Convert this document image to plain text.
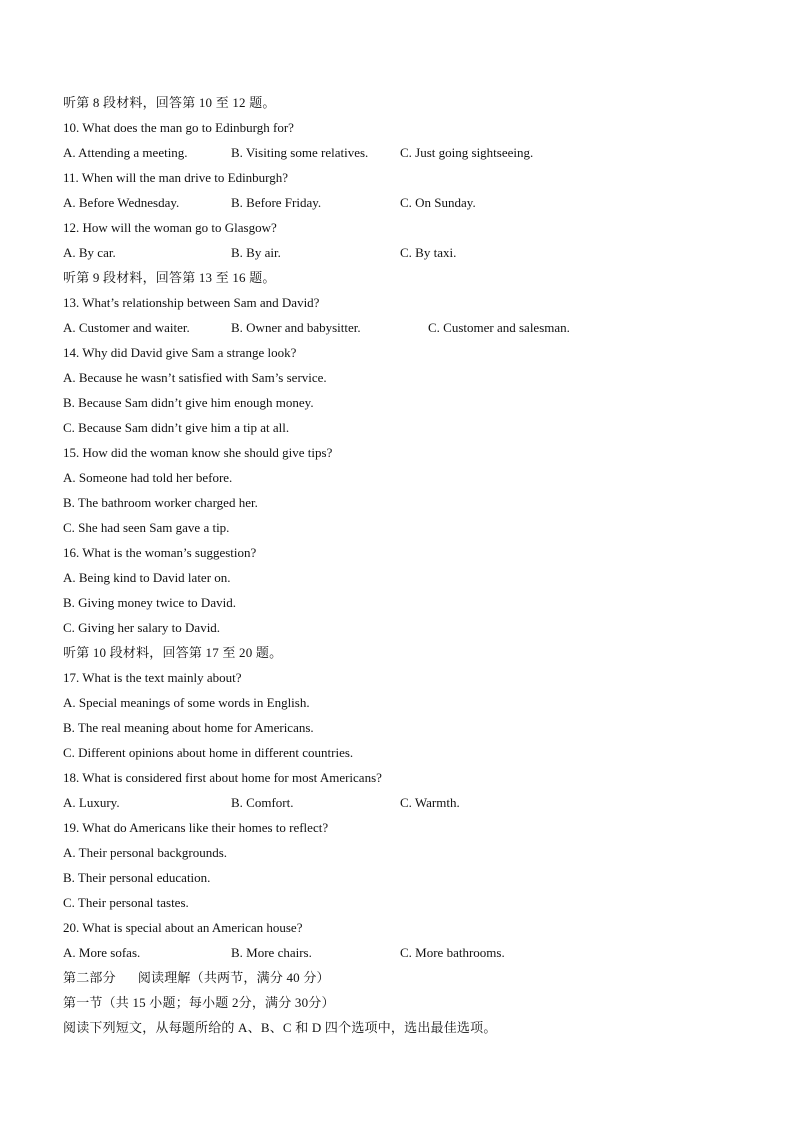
听第 8 段材料，回答第 10 至 12 题。
10. What does the man go to Edinburgh for?
A. Attending a meeting.	B. Visiting some relatives. C. Just going sightseeing.
11. When will the man drive to Edinburgh?
A. Before Wednesday.	B. Before Friday.	C. On Sunday.
12. How will the woman go to Glasgow?
A. By car.	B. By air.	C. By taxi.
听第 9 段材料，回答第 13 至 16 题。
13. What’s relationship between Sam and David?
A. Customer and waiter.	B. Owner and babysitter.	C. Customer and salesman.
14. Why did David give Sam a strange look?
A. Because he wasn’t satisfied with Sam’s service.
B. Because Sam didn’t give him enough money.
C. Because Sam didn’t give him a tip at all.
15. How did the woman know she should give tips?
A. Someone had told her before.
B. The bathroom worker charged her.
C. She had seen Sam gave a tip.
16. What is the woman’s suggestion?
A. Being kind to David later on.
B. Giving money twice to David.
C. Giving her salary to David.
听第 10 段材料，回答第 17 至 20 题。
17. What is the text mainly about?
A. Special meanings of some words in English.
B. The real meaning about home for Americans.
C. Different opinions about home in different countries.
18. What is considered first about home for most Americans?
A. Luxury.	B. Comfort.	C. Warmth.
19. What do Americans like their homes to reflect?
A. Their personal backgrounds.
B. Their personal education.
C. Their personal tastes.
20. What is special about an American house?
A. More sofas.	B. More chairs.	C. More bathrooms.
第二部分 阅读理解（共两节，满分 40 分）
第一节（共 15 小题；每小题 2分，满分 30分）
阅读下列短文，从每题所给的 A、B、C 和 D 四个选项中，选出最佳选项。
